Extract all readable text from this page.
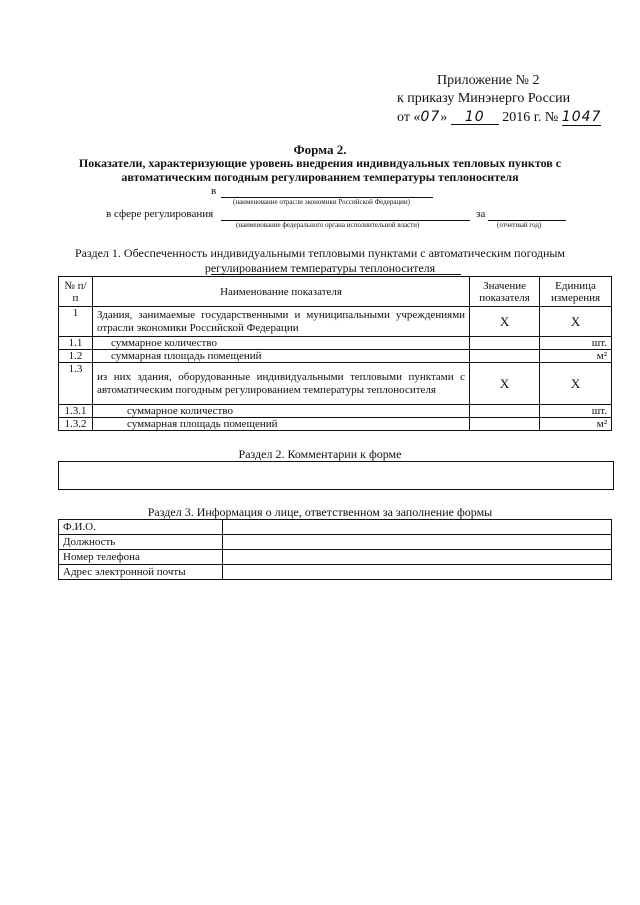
Приложение № 2
к приказу Минэнерго России
от «07» 10 2016 г. № 1047
Форма 2.
Показатели, характеризующие уровень внедрения индивидуальных тепловых пунктов с
автоматическим погодным регулированием температуры теплоносителя
в
(наименование отрасли экономики Российской Федерации)
в сфере регулирования
(наименование федерального органа исполнительной власти)
за
(отчетный год)
Раздел 1. Обеспеченность индивидуальными тепловыми пунктами с автоматическим погодным
регулированием температуры теплоносителя
№ п/п	Наименование показателя	Значение показателя	Единица измерения
1	Здания, занимаемые государственными и муниципальными учреждениями отрасли экономики Российской Федерации	Х	Х
1.1	суммарное количество		шт.
1.2	суммарная площадь помещений		м²
1.3	из них здания, оборудованные индивидуальными тепловыми пунктами с автоматическим погодным регулированием температуры теплоносителя	Х	Х
1.3.1	суммарное количество		шт.
1.3.2	суммарная площадь помещений		м²
Раздел 2. Комментарии к форме
Раздел 3. Информация о лице, ответственном за заполнение формы
Ф.И.О.	
Должность	
Номер телефона	
Адрес электронной почты	
